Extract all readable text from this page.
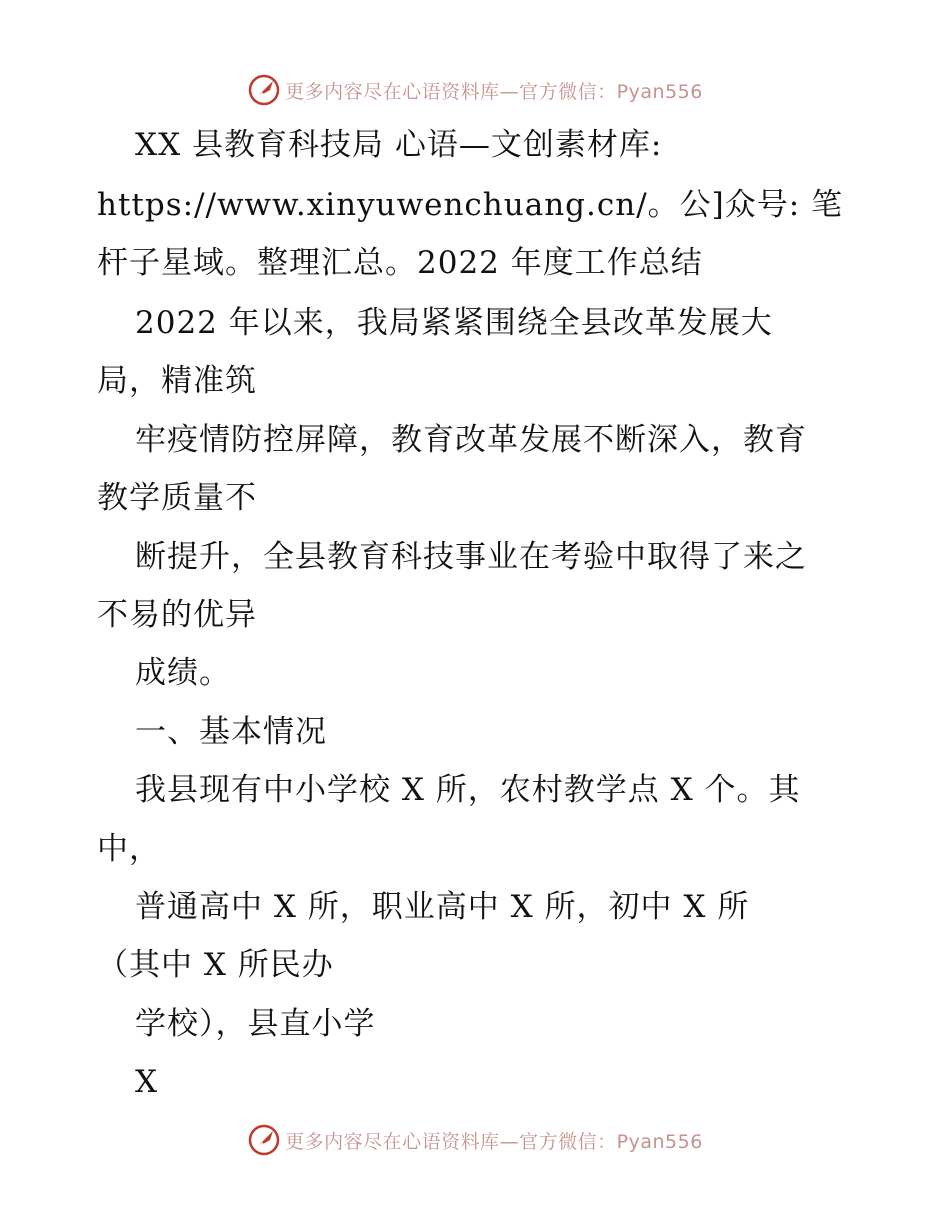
更多内容尽在心语资料库—官方微信：Pyan556
XX 县教育科技局 心语—文创素材库:
https://www.xinyuwenchuang.cn/。公]众号: 笔
杆子星域。整理汇总。2022 年度工作总结
2022 年以来，我局紧紧围绕全县改革发展大
局，精准筑
牢疫情防控屏障，教育改革发展不断深入，教育
教学质量不
断提升，全县教育科技事业在考验中取得了来之
不易的优异
成绩。
一、基本情况
我县现有中小学校 X 所，农村教学点 X 个。其
中，
普通高中 X 所，职业高中 X 所，初中 X 所
（其中 X 所民办
学校），县直小学
X
更多内容尽在心语资料库—官方微信：Pyan556
